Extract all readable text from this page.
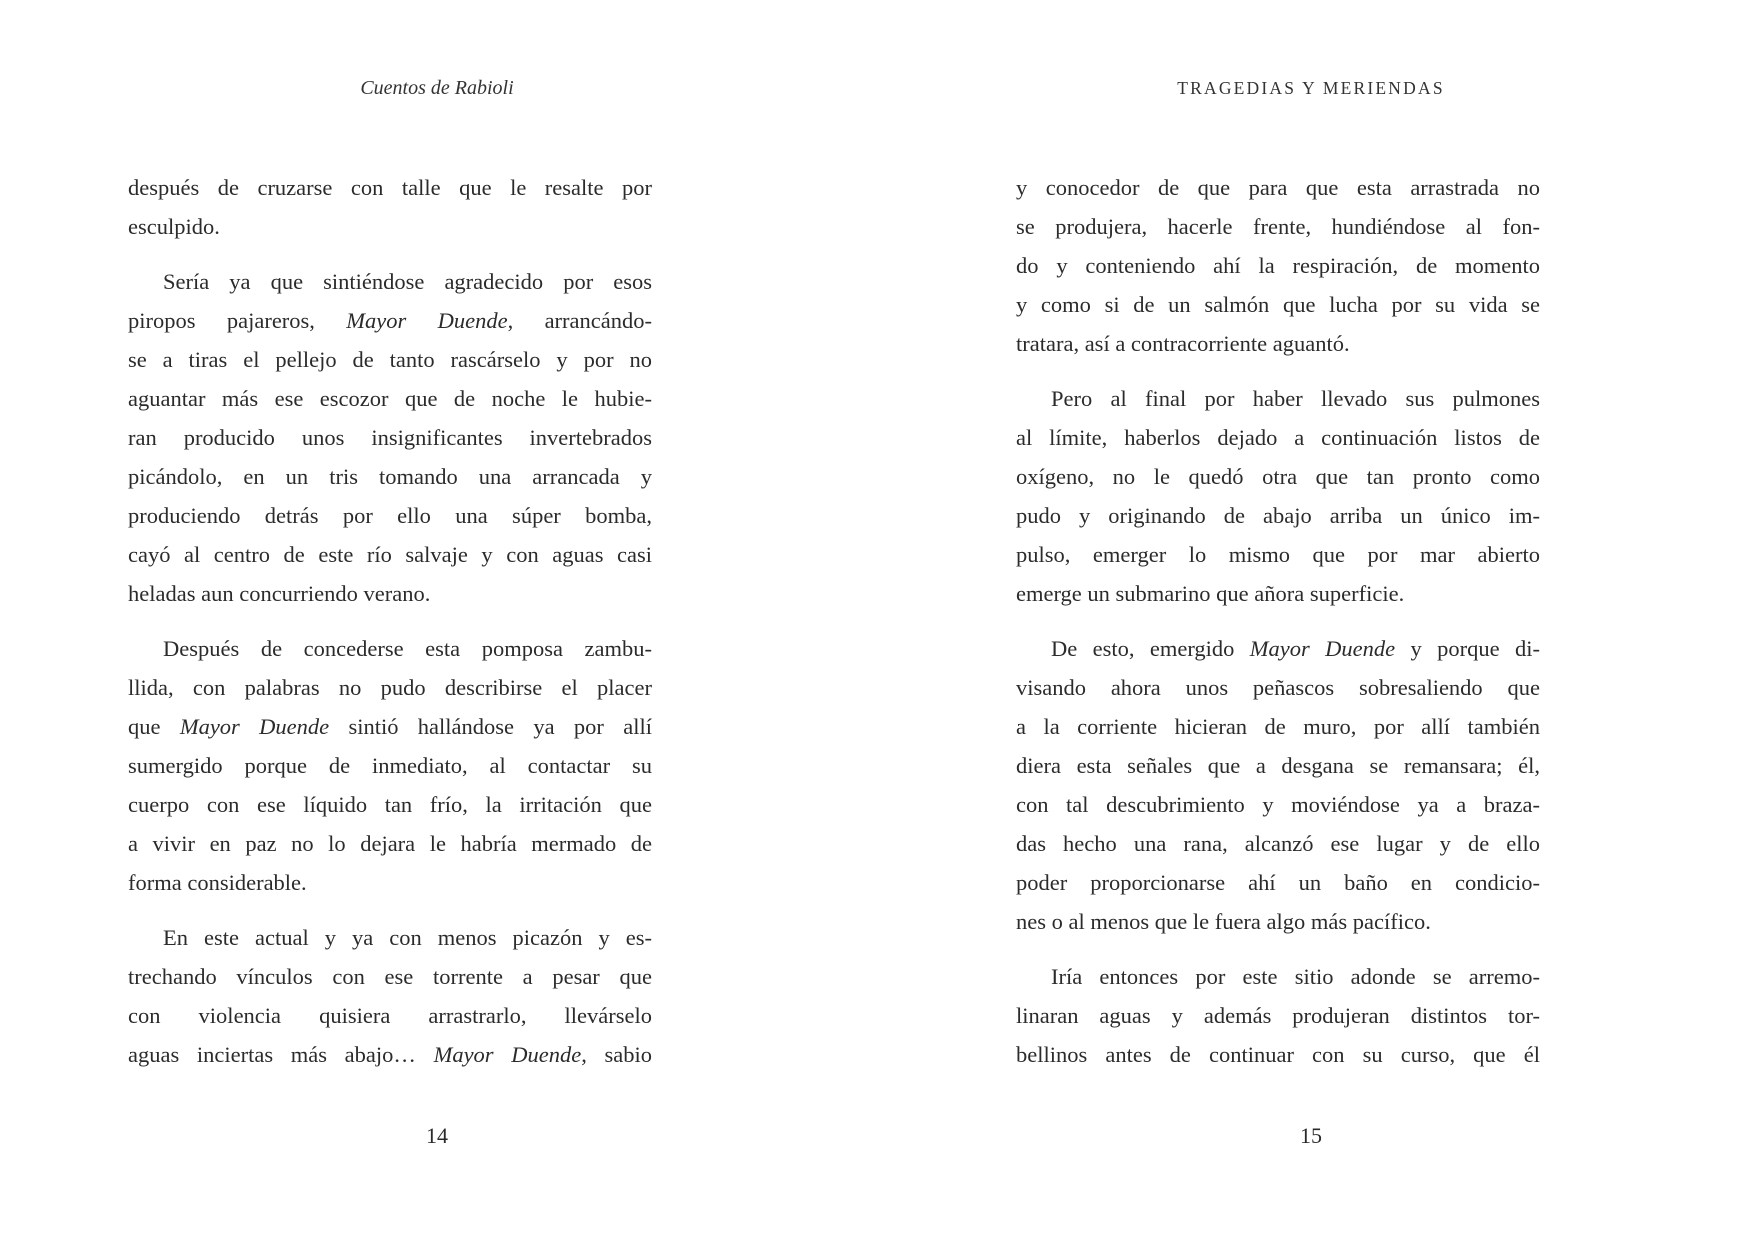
Cuentos de Rabioli
después de cruzarse con talle que le resalte por
esculpido.
Sería ya que sintiéndose agradecido por esos
piropos pajareros, Mayor Duende, arrancándo-
se a tiras el pellejo de tanto rascárselo y por no
aguantar más ese escozor que de noche le hubie-
ran producido unos insignificantes invertebrados
picándolo, en un tris tomando una arrancada y
produciendo detrás por ello una súper bomba,
cayó al centro de este río salvaje y con aguas casi
heladas aun concurriendo verano.
Después de concederse esta pomposa zambu-
llida, con palabras no pudo describirse el placer
que Mayor Duende sintió hallándose ya por allí
sumergido porque de inmediato, al contactar su
cuerpo con ese líquido tan frío, la irritación que
a vivir en paz no lo dejara le habría mermado de
forma considerable.
En este actual y ya con menos picazón y es-
trechando vínculos con ese torrente a pesar que
con violencia quisiera arrastrarlo, llevárselo
aguas inciertas más abajo… Mayor Duende, sabio
14
TRAGEDIAS Y MERIENDAS
y conocedor de que para que esta arrastrada no
se produjera, hacerle frente, hundiéndose al fon-
do y conteniendo ahí la respiración, de momento
y como si de un salmón que lucha por su vida se
tratara, así a contracorriente aguantó.
Pero al final por haber llevado sus pulmones
al límite, haberlos dejado a continuación listos de
oxígeno, no le quedó otra que tan pronto como
pudo y originando de abajo arriba un único im-
pulso, emerger lo mismo que por mar abierto
emerge un submarino que añora superficie.
De esto, emergido Mayor Duende y porque di-
visando ahora unos peñascos sobresaliendo que
a la corriente hicieran de muro, por allí también
diera esta señales que a desgana se remansara; él,
con tal descubrimiento y moviéndose ya a braza-
das hecho una rana, alcanzó ese lugar y de ello
poder proporcionarse ahí un baño en condicio-
nes o al menos que le fuera algo más pacífico.
Iría entonces por este sitio adonde se arremo-
linaran aguas y además produjeran distintos tor-
bellinos antes de continuar con su curso, que él
15
